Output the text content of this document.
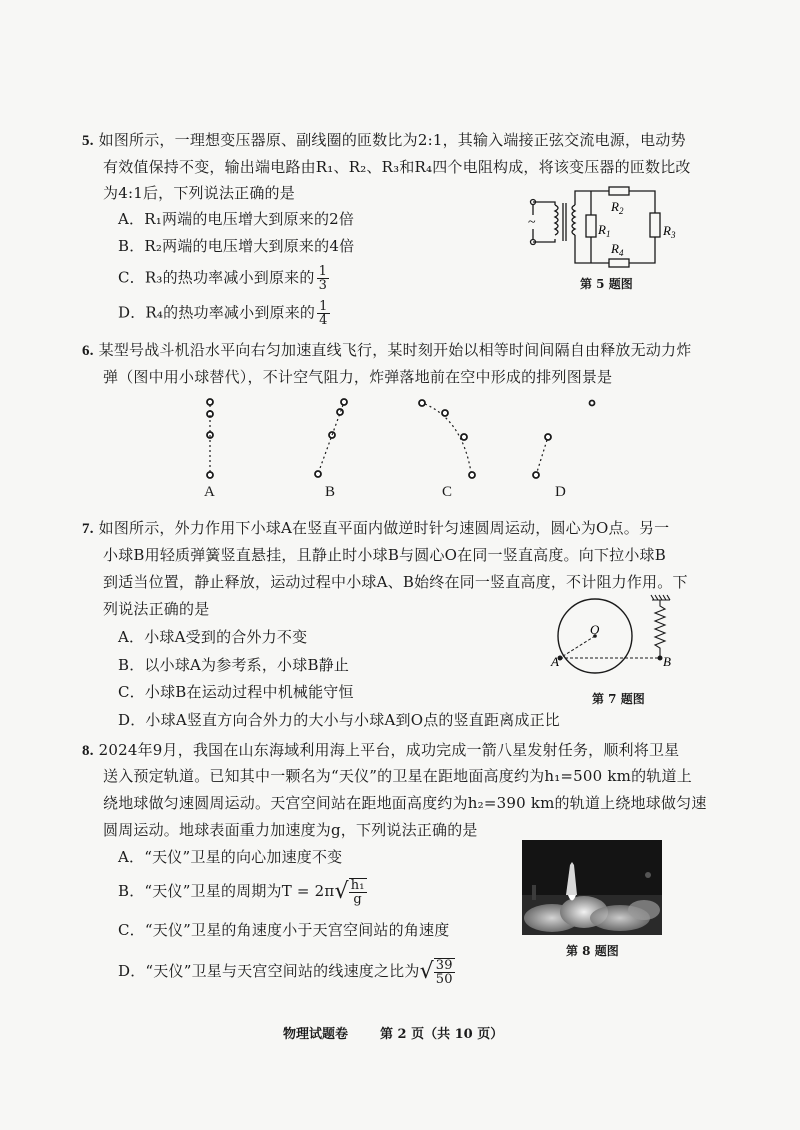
5. 如图所示，一理想变压器原、副线圈的匝数比为2:1，其输入端接正弦交流电源，电动势
有效值保持不变，输出端电路由R₁、R₂、R₃和R₄四个电阻构成，将该变压器的匝数比改
为4:1后，下列说法正确的是
A．R₁两端的电压增大到原来的2倍
B．R₂两端的电压增大到原来的4倍
C．R₃的热功率减小到原来的 $\frac{1}{3}$
D．R₄的热功率减小到原来的 $\frac{1}{4}$
~
$R_2$
$R_1$	$R_3$
$R_4$
第 5 题图
6. 某型号战斗机沿水平向右匀加速直线飞行，某时刻开始以相等时间间隔自由释放无动力炸
弹（图中用小球替代），不计空气阻力，炸弹落地前在空中形成的排列图景是
A	B	C	D
7. 如图所示，外力作用下小球A在竖直平面内做逆时针匀速圆周运动，圆心为O点。另一
小球B用轻质弹簧竖直悬挂，且静止时小球B与圆心O在同一竖直高度。向下拉小球B
到适当位置，静止释放，运动过程中小球A、B始终在同一竖直高度，不计阻力作用。下
列说法正确的是
A．小球A受到的合外力不变
B．以小球A为参考系，小球B静止
C．小球B在运动过程中机械能守恒
D．小球A竖直方向合外力的大小与小球A到O点的竖直距离成正比
O
A	B
第 7 题图
8. 2024年9月，我国在山东海域利用海上平台，成功完成一箭八星发射任务，顺利将卫星
送入预定轨道。已知其中一颗名为“天仪”的卫星在距地面高度约为h₁=500 km的轨道上
绕地球做匀速圆周运动。天宫空间站在距地面高度约为h₂=390 km的轨道上绕地球做匀速
圆周运动。地球表面重力加速度为g，下列说法正确的是
A．“天仪”卫星的向心加速度不变
B．“天仪”卫星的周期为$T = 2\pi√ \frac{\text{h₁}}{g}$
C．“天仪”卫星的角速度小于天宫空间站的角速度
D．“天仪”卫星与天宫空间站的线速度之比为√ $\frac{39}{50}$
第 8 题图
物理试题卷 第 2 页（共 10 页）
